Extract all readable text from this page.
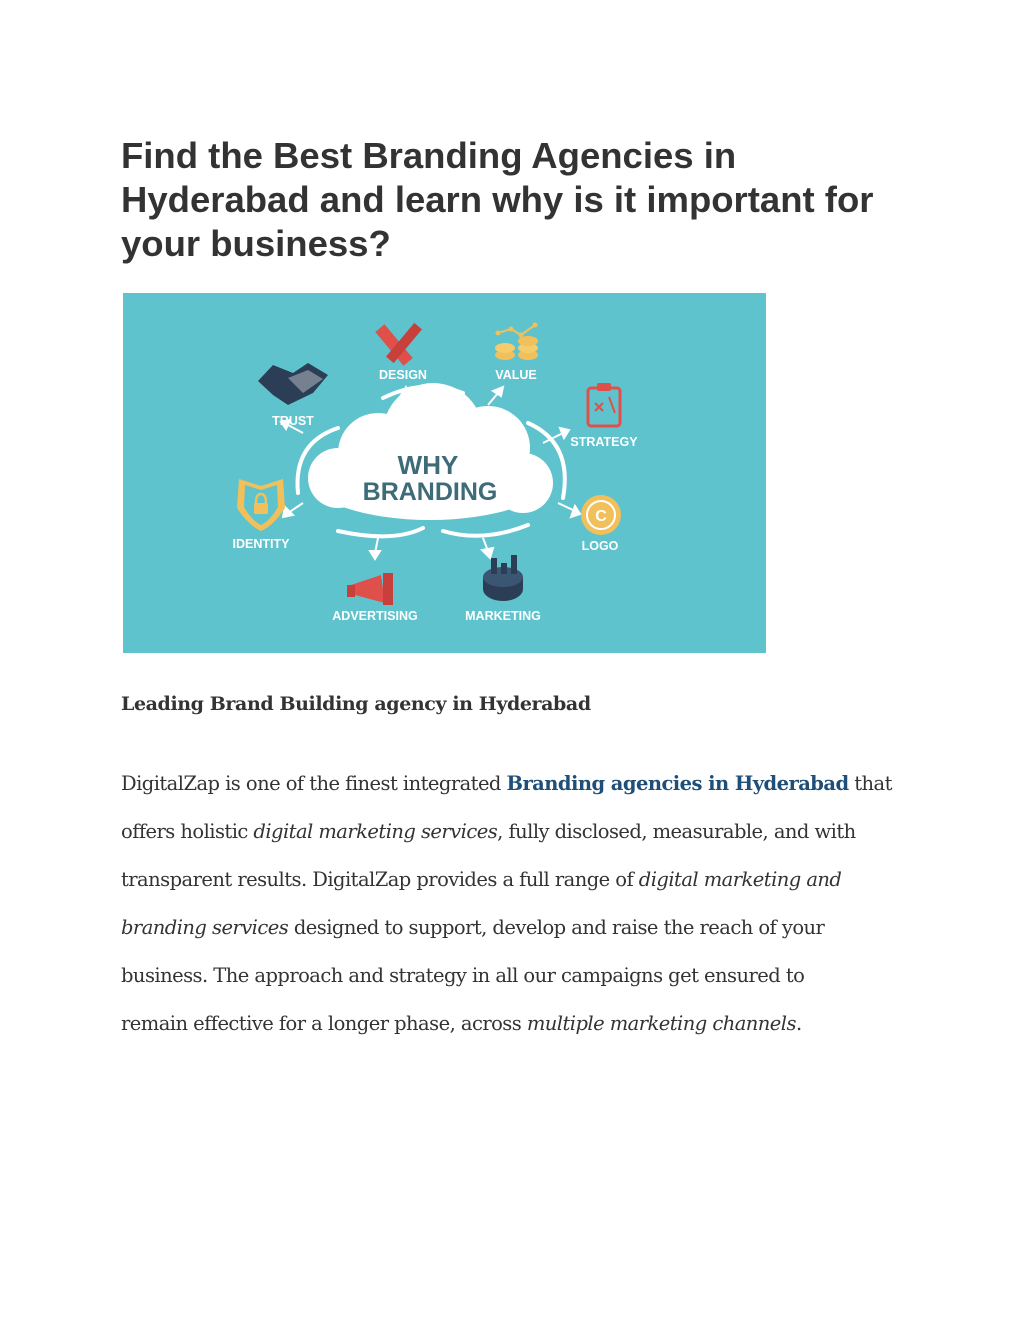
Find the Best Branding Agencies in
Hyderabad and learn why is it important for
your business?
WHY
BRANDING
TRUST
DESIGN	VALUE
STRATEGY
IDENTITY
C
LOGO
ADVERTISING	MARKETING
Leading Brand Building agency in Hyderabad

DigitalZap is one of the finest integrated Branding agencies in Hyderabad that
offers holistic digital marketing services, fully disclosed, measurable, and with
transparent results. DigitalZap provides a full range of digital marketing and
branding services designed to support, develop and raise the reach of your
business. The approach and strategy in all our campaigns get ensured to
remain effective for a longer phase, across multiple marketing channels.
